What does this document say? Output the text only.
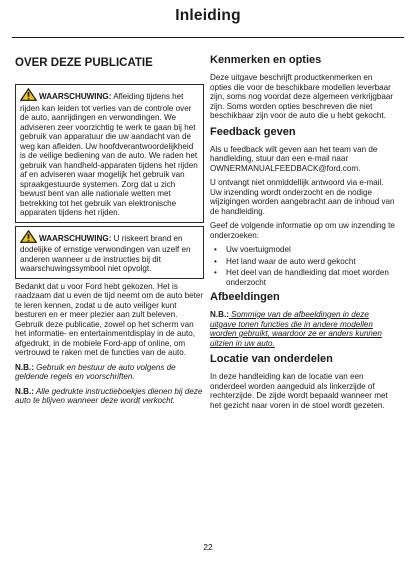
Inleiding
OVER DEZE PUBLICATIE
WAARSCHUWING: Afleiding tijdens het rijden kan leiden tot verlies van de controle over de auto, aanrijdingen en verwondingen. We adviseren zeer voorzichtig te werk te gaan bij het gebruik van apparatuur die uw aandacht van de weg kan afleiden. Uw hoofdverantwoordelijkheid is de veilige bediening van de auto. We raden het gebruik van handheld-apparaten tijdens het rijden af en adviseren waar mogelijk het gebruik van spraakgestuurde systemen. Zorg dat u zich bewust bent van alle nationale wetten met betrekking tot het gebruik van elektronische apparaten tijdens het rijden.
WAARSCHUWING: U riskeert brand en dodelijke of ernstige verwondingen van uzelf en anderen wanneer u de instructies bij dit waarschuwingssymbool niet opvolgt.

Bedankt dat u voor Ford hebt gekozen. Het is raadzaam dat u even de tijd neemt om de auto beter te leren kennen, zodat u de auto veiliger kunt besturen en er meer plezier aan zult beleven. Gebruik deze publicatie, zowel op het scherm van het informatie- en entertainmentdisplay in de auto, afgedrukt, in de mobiele Ford-app of online, om vertrouwd te raken met de functies van de auto.

N.B.: Gebruik en bestuur de auto volgens de geldende regels en voorschriften.

N.B.: Alle gedrukte instructieboekjes dienen bij deze auto te blijven wanneer deze wordt verkocht.

Kenmerken en opties

Deze uitgave beschrijft productkenmerken en opties die voor de beschikbare modellen leverbaar zijn, soms nog voordat deze algemeen verkrijgbaar zijn. Soms worden opties beschreven die niet beschikbaar zijn voor de auto die u hebt gekocht.

Feedback geven

Als u feedback wilt geven aan het team van de handleiding, stuur dan een e-mail naar
OWNERMANUALFEEDBACK@ford.com.

U ontvangt niet onmiddellijk antwoord via e-mail. Uw inzending wordt onderzocht en de nodige wijzigingen worden aangebracht aan de inhoud van de handleiding.

Geef de volgende informatie op om uw inzending te onderzoeken:

• Uw voertuigmodel
• Het land waar de auto werd gekocht
• Het deel van de handleiding dat moet worden onderzocht
Afbeeldingen

N.B.: Sommige van de afbeeldingen in deze uitgave tonen functies die in andere modellen worden gebruikt, waardoor ze er anders kunnen uitzien in uw auto.

Locatie van onderdelen

In deze handleiding kan de locatie van een onderdeel worden aangeduid als linkerzijde of rechterzijde. De zijde wordt bepaald wanneer met het gezicht naar voren in de stoel wordt gezeten.

22
